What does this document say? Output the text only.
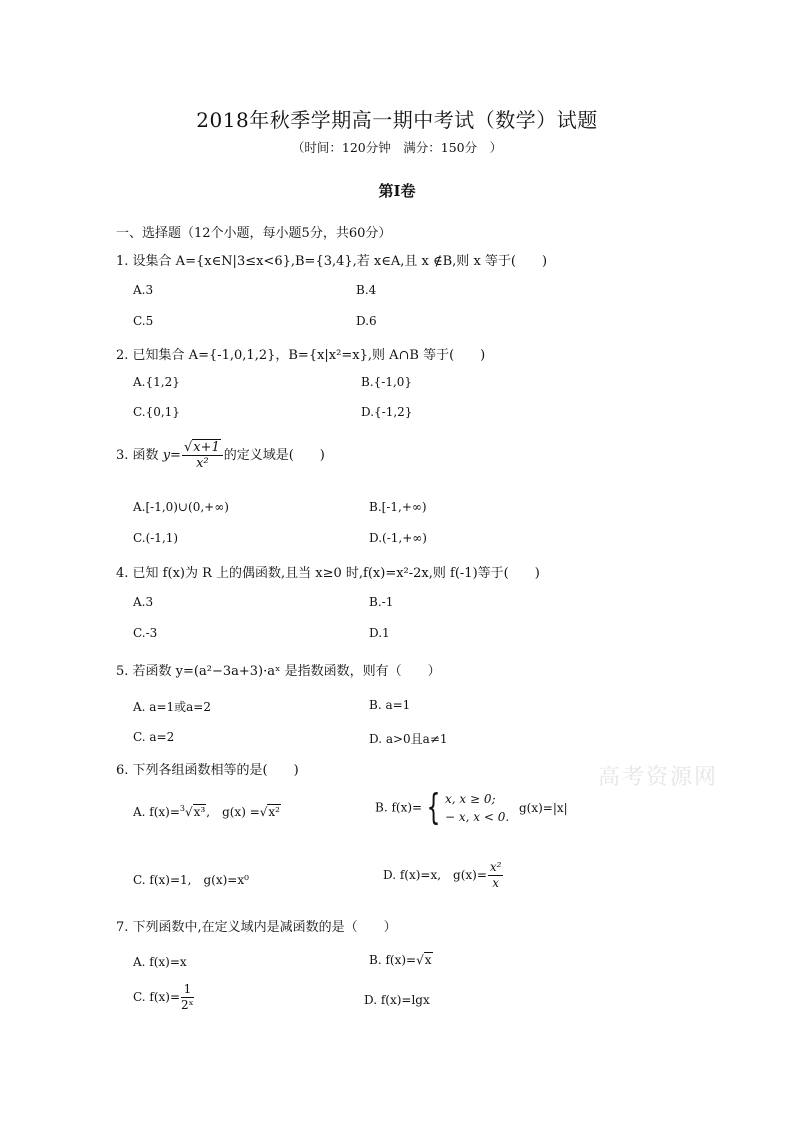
2018年秋季学期高一期中考试（数学）试题
（时间：120分钟　满分：150分　）
第Ⅰ卷
一、选择题（12个小题，每小题5分，共60分）
1. 设集合 A={x∈N|3≤x<6},B={3,4},若 x∈A,且 x ∉B,则 x 等于(　　)
A.3	B.4
C.5	D.6
2. 已知集合 A={-1,0,1,2}，B={x|x²=x},则 A∩B 等于(　　)
A.{1,2}	B.{-1,0}
C.{0,1}	D.{-1,2}
3. 函数 $y= \frac{√x+1}{\text{x²}}$ 的定义域是(　　)
A.[-1,0)∪(0,+∞)	B.[-1,+∞)
C.(-1,1)	D.(-1,+∞)
4. 已知 f(x)为 R 上的偶函数,且当 x≥0 时,f(x)=x²-2x,则 f(-1)等于(　　)
A.3	B.-1
C.-3	D.1
5. 若函数 y=(a²−3a+3)·aˣ 是指数函数，则有（　　）
A. a=1或a=2	B. a=1
C. a=2	D. a>0且a≠1
6. 下列各组函数相等的是(　　)
A. f(x)=$^3$√x³,　g(x) =√x²	B. f(x)= { x, x ≥ 0;
− x, x < 0.
g(x)=|x|
C. f(x)=1,　g(x)=x⁰	D. f(x)=x,　$g(x)= \frac{\text{x²}}{x}$
7. 下列函数中,在定义域内是减函数的是（　　）
A. f(x)=x	B. f(x)=√x
C. $f(x)= \frac{1}{\text{2ˣ}}$	D. f(x)=lgx
高考资源网
